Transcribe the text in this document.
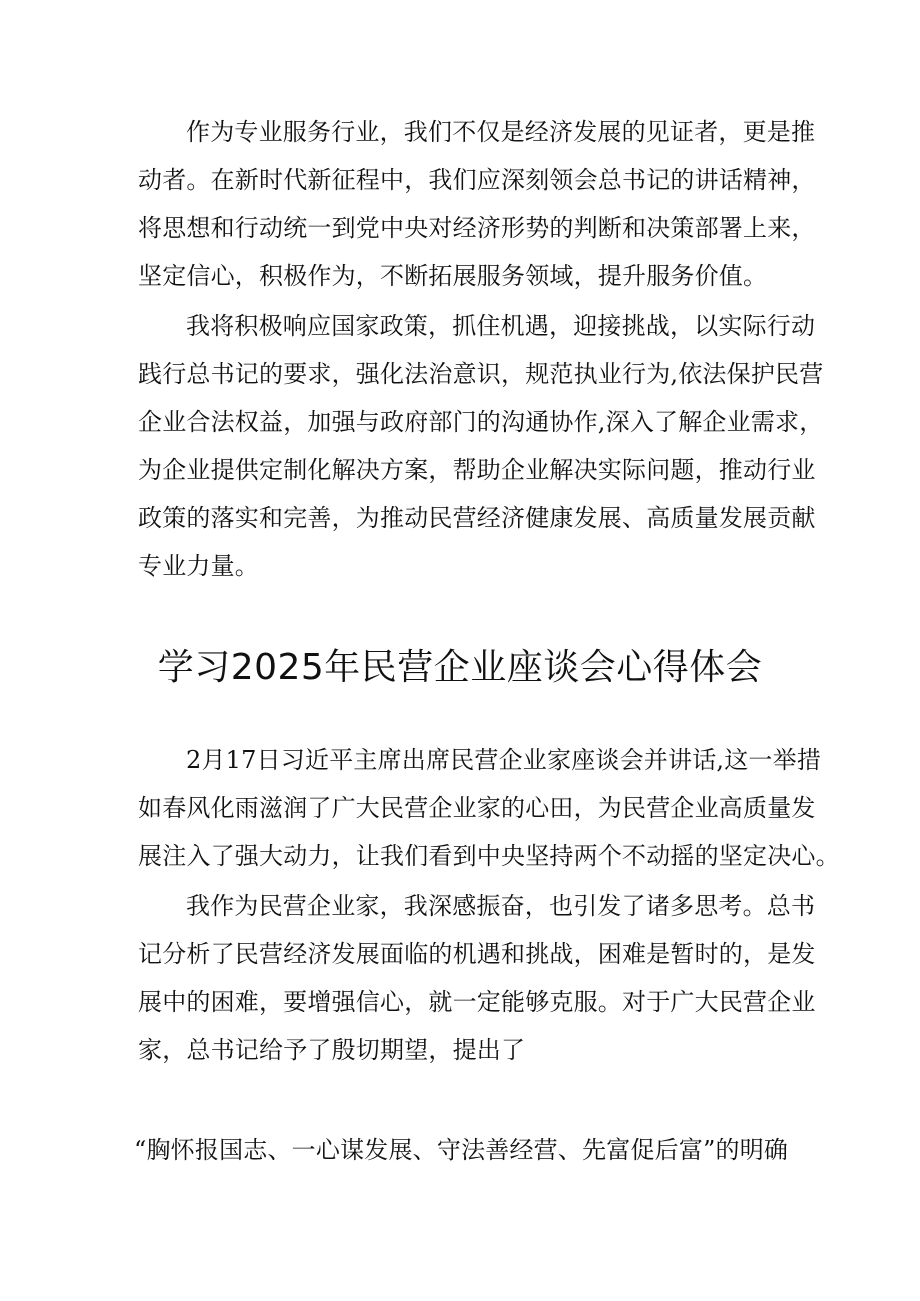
作为专业服务行业，我们不仅是经济发展的见证者，更是推
动者。在新时代新征程中，我们应深刻领会总书记的讲话精神，
将思想和行动统一到党中央对经济形势的判断和决策部署上来，
坚定信心，积极作为，不断拓展服务领域，提升服务价值。
我将积极响应国家政策，抓住机遇，迎接挑战，以实际行动
践行总书记的要求，强化法治意识，规范执业行为,依法保护民营
企业合法权益，加强与政府部门的沟通协作,深入了解企业需求，
为企业提供定制化解决方案，帮助企业解决实际问题，推动行业
政策的落实和完善，为推动民营经济健康发展、高质量发展贡献
专业力量。
学习2025年民营企业座谈会心得体会
2月17日习近平主席出席民营企业家座谈会并讲话,这一举措
如春风化雨滋润了广大民营企业家的心田，为民营企业高质量发
展注入了强大动力，让我们看到中央坚持两个不动摇的坚定决心。
我作为民营企业家，我深感振奋，也引发了诸多思考。总书
记分析了民营经济发展面临的机遇和挑战，困难是暂时的，是发
展中的困难，要增强信心，就一定能够克服。对于广大民营企业
家，总书记给予了殷切期望，提出了
“胸怀报国志、一心谋发展、守法善经营、先富促后富”的明确
